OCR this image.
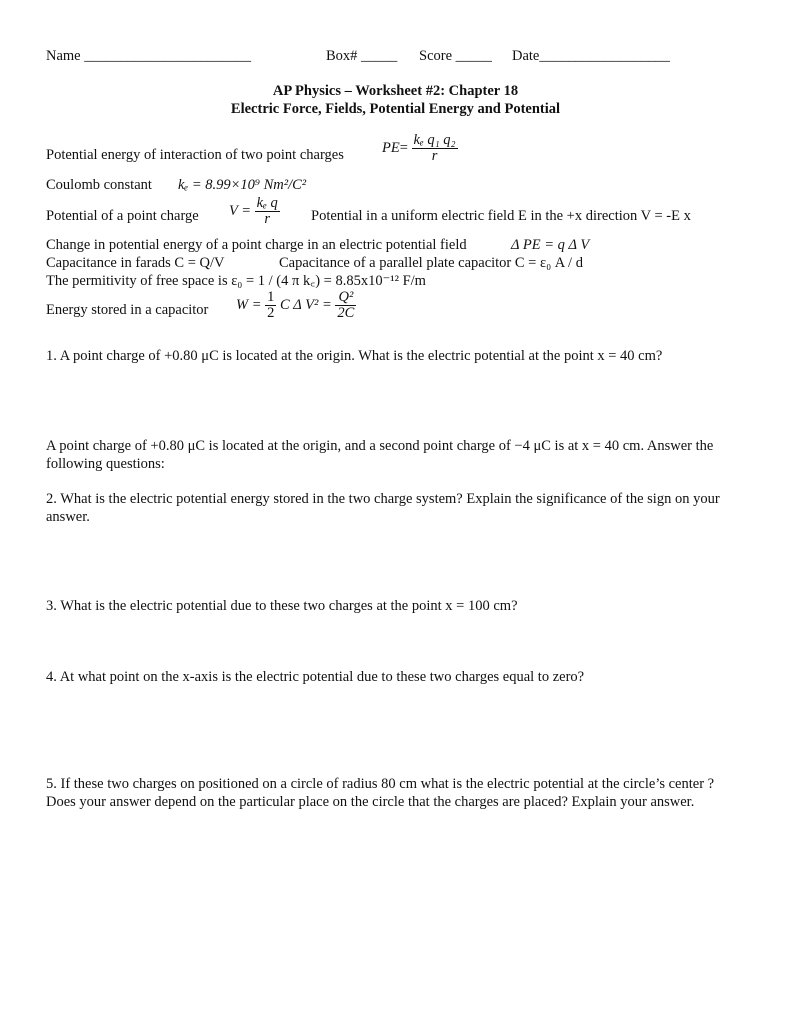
Name _______________________	Box# _____ Score _____ Date__________________
AP Physics – Worksheet #2: Chapter 18
Electric Force, Fields, Potential Energy and Potential
Potential energy of interaction of two point charges	$PE= \frac{\text{kₑ q₁ q₂}}{r}$
Coulomb constant kₑ = 8.99×10⁹ Nm²/C²
Potential of a point charge $V = \frac{\text{kₑ q}}{r}$ Potential in a uniform electric field E in the +x direction V = -E x
Change in potential energy of a point charge in an electric potential field	Δ PE = q Δ V
Capacitance in farads C = Q/V	Capacitance of a parallel plate capacitor C = ε₀ A / d
The permitivity of free space is ε₀ = 1 / (4 π k꜀) = 8.85x10⁻¹² F/m
Energy stored in a capacitor $W = \frac{1}{2}$ C Δ $V^2 = \frac{\text{Q²}}{2C}$
1. A point charge of +0.80 μC is located at the origin. What is the electric potential at the point x = 40 cm?
A point charge of +0.80 μC is located at the origin, and a second point charge of −4 μC is at x = 40 cm. Answer the following questions:
2. What is the electric potential energy stored in the two charge system? Explain the significance of the sign on your answer.
3. What is the electric potential due to these two charges at the point x = 100 cm?
4. At what point on the x-axis is the electric potential due to these two charges equal to zero?
5. If these two charges on positioned on a circle of radius 80 cm what is the electric potential at the circle’s center ? Does your answer depend on the particular place on the circle that the charges are placed? Explain your answer.
